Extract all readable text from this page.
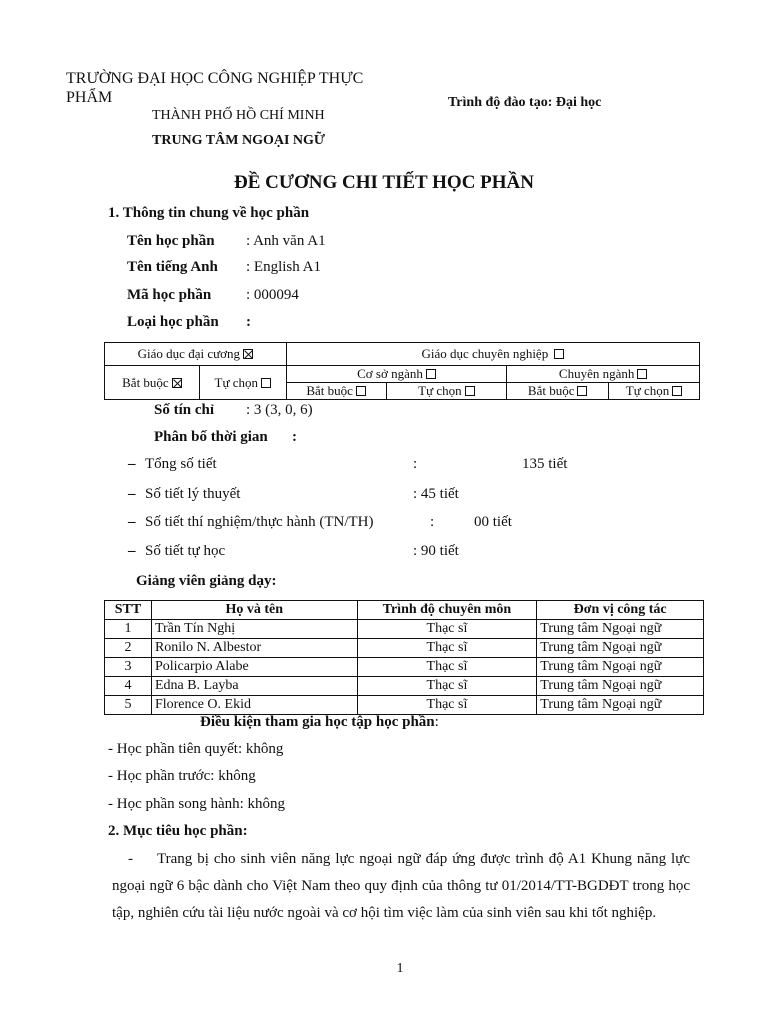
TRƯỜNG ĐẠI HỌC CÔNG NGHIỆP THỰC
PHẨM
THÀNH PHỐ HỒ CHÍ MINH
Trình độ đào tạo: Đại học
TRUNG TÂM NGOẠI NGỮ
ĐỀ CƯƠNG CHI TIẾT HỌC PHẦN
1. Thông tin chung về học phần
Tên học phần : Anh văn A1
Tên tiếng Anh : English A1
Mã học phần : 000094
Loại học phần :
Giáo dục đại cương		Giáo dục chuyên nghiệp			
Bắt buộc	Tự chọn	Cơ sở ngành		Chuyên ngành	
		Bắt buộc	Tự chọn	Bắt buộc	Tự chọn
Số tín chỉ : 3 (3, 0, 6)
Phân bố thời gian :
– Tổng số tiết	:	135 tiết
– Số tiết lý thuyết	: 45 tiết
– Số tiết thí nghiệm/thực hành (TN/TH)	:	00 tiết
– Số tiết tự học	: 90 tiết
Giảng viên giảng dạy:
STT	Họ và tên	Trình độ chuyên môn	Đơn vị công tác
1	Trần Tín Nghị	Thạc sĩ	Trung tâm Ngoại ngữ
2	Ronilo N. Albestor	Thạc sĩ	Trung tâm Ngoại ngữ
3	Policarpio Alabe	Thạc sĩ	Trung tâm Ngoại ngữ
4	Edna B. Layba	Thạc sĩ	Trung tâm Ngoại ngữ
5	Florence O. Ekid	Thạc sĩ	Trung tâm Ngoại ngữ
Điều kiện tham gia học tập học phần:
- Học phần tiên quyết: không
- Học phần trước: không
- Học phần song hành: không
2. Mục tiêu học phần:
- Trang bị cho sinh viên năng lực ngoại ngữ đáp ứng được trình độ A1 Khung năng lực ngoại ngữ 6 bậc dành cho Việt Nam theo quy định của thông tư 01/2014/TT-BGDĐT trong học tập, nghiên cứu tài liệu nước ngoài và cơ hội tìm việc làm của sinh viên sau khi tốt nghiệp.
1
